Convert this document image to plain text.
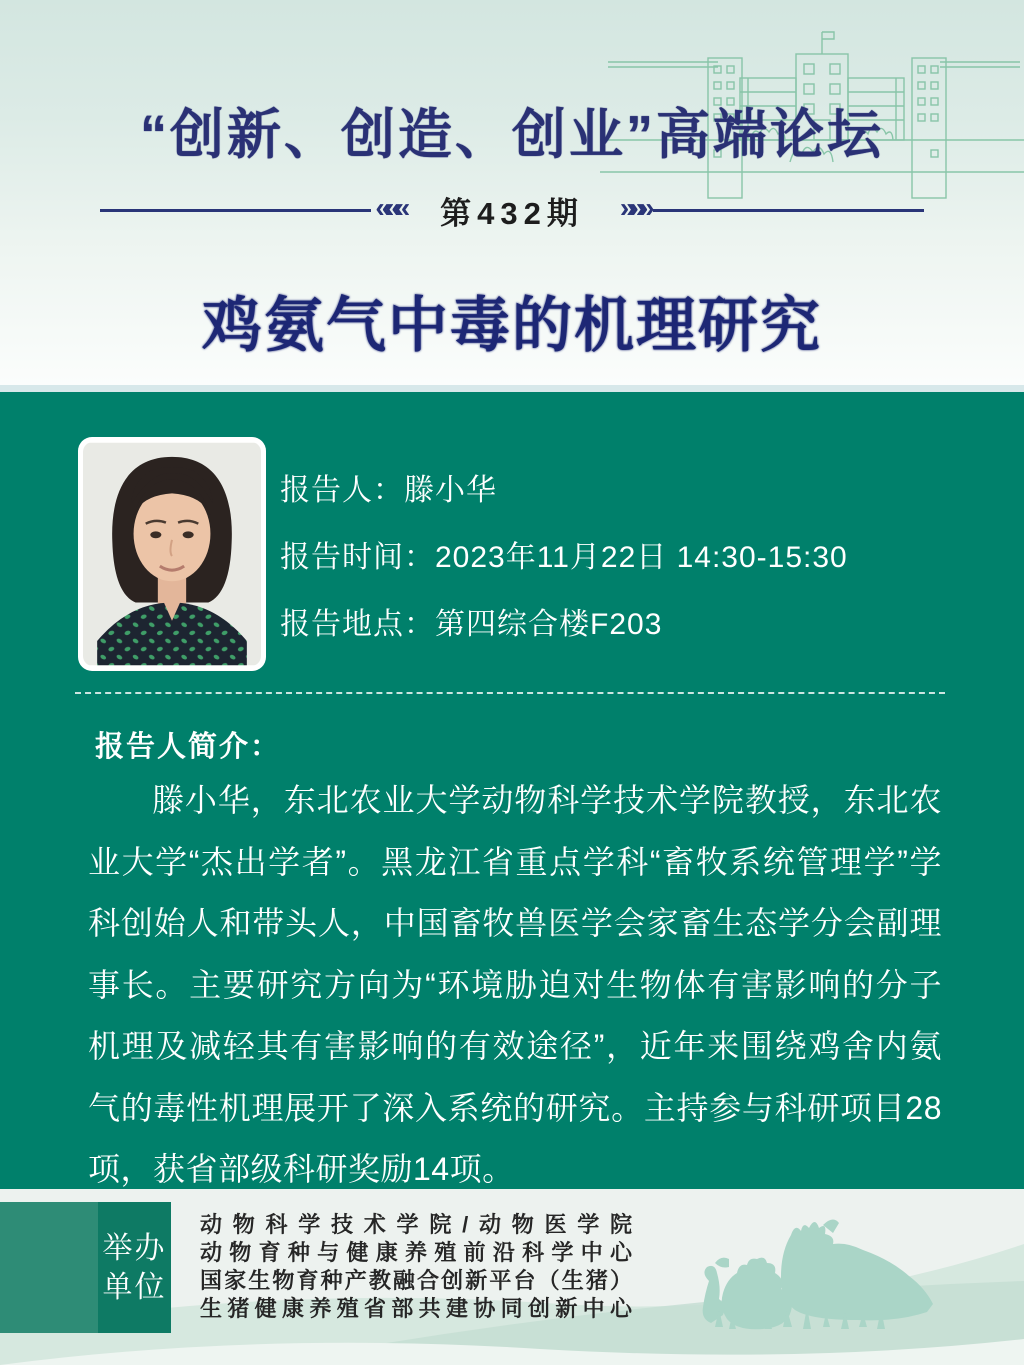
“创新、创造、创业”高端论坛
«««	第432期	»»»
鸡氨气中毒的机理研究

报告人：滕小华

报告时间：2023年11月22日 14:30-15:30

报告地点：第四综合楼F203

报告人简介：
滕小华，东北农业大学动物科学技术学院教授，东北农业大学“杰出学者”。黑龙江省重点学科“畜牧系统管理学”学科创始人和带头人，中国畜牧兽医学会家畜生态学分会副理事长。主要研究方向为“环境胁迫对生物体有害影响的分子机理及减轻其有害影响的有效途径”，近年来围绕鸡舍内氨气的毒性机理展开了深入系统的研究。主持参与科研项目28项，获省部级科研奖励14项。
举办
单位
动物科学技术学院/动物医学院
动物育种与健康养殖前沿科学中心
国家生物育种产教融合创新平台（生猪）
生猪健康养殖省部共建协同创新中心
